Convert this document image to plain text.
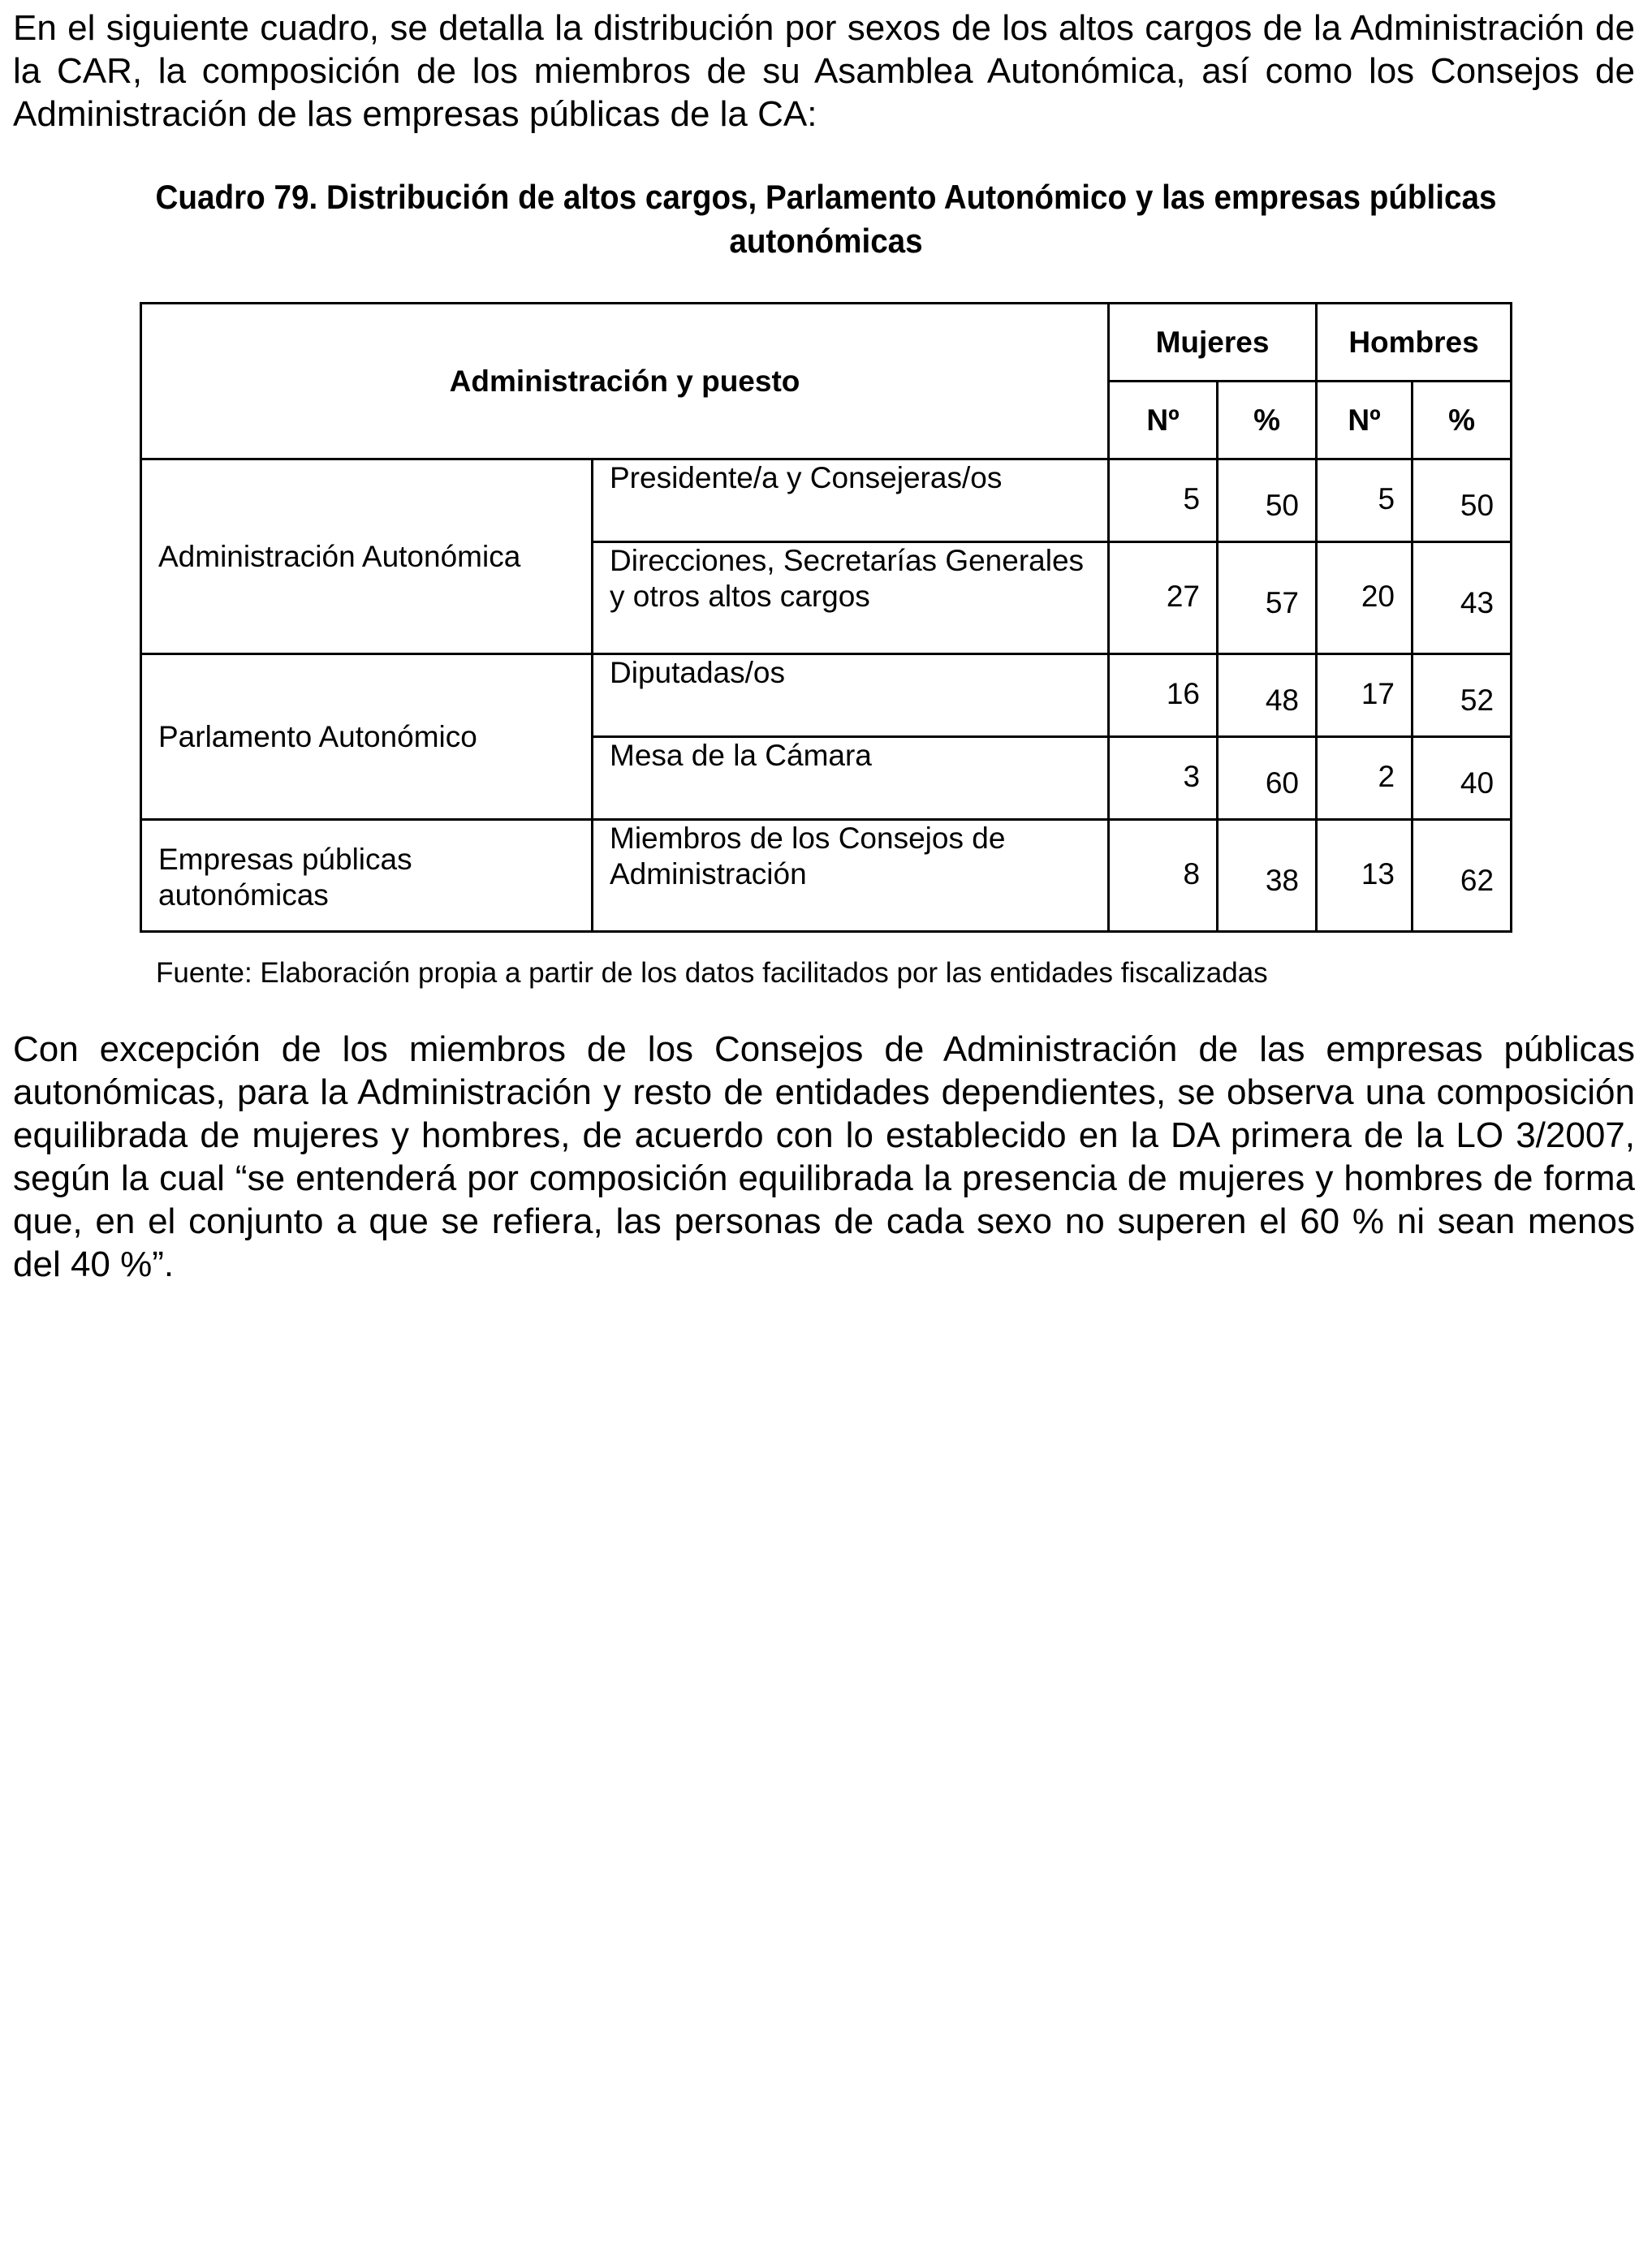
En el siguiente cuadro, se detalla la distribución por sexos de los altos cargos de la Administración de la CAR, la composición de los miembros de su Asamblea Autonómica, así como los Consejos de Administración de las empresas públicas de la CA:

Cuadro 79. Distribución de altos cargos, Parlamento Autonómico y las empresas públicas
autonómicas
Administración y puesto		Mujeres		Hombres	
		Nº	%	Nº	%
Administración Autonómica	Presidente/a y Consejeras/os	5	50	5	50
	Direcciones, Secretarías Generales y otros altos cargos	27	57	20	43
Parlamento Autonómico	Diputadas/os	16	48	17	52
	Mesa de la Cámara	3	60	2	40
Empresas públicas autonómicas	Miembros de los Consejos de Administración	8	38	13	62

Fuente: Elaboración propia a partir de los datos facilitados por las entidades fiscalizadas

Con excepción de los miembros de los Consejos de Administración de las empresas públicas autonómicas, para la Administración y resto de entidades dependientes, se observa una composición equilibrada de mujeres y hombres, de acuerdo con lo establecido en la DA primera de la LO 3/2007, según la cual “se entenderá por composición equilibrada la presencia de mujeres y hombres de forma que, en el conjunto a que se refiera, las personas de cada sexo no superen el 60 % ni sean menos del 40 %”.
